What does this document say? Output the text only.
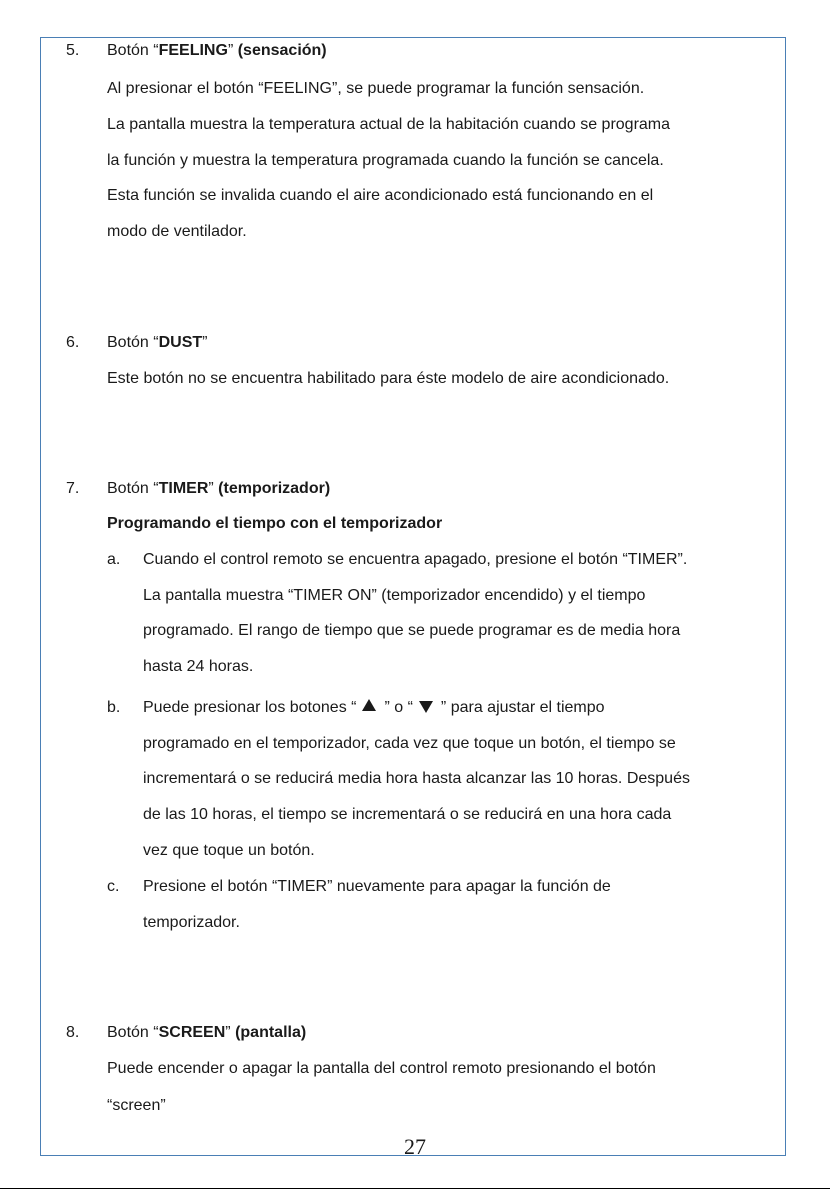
5. Botón “FEELING” (sensación)
Al presionar el botón “FEELING”, se puede programar la función sensación.
La pantalla muestra la temperatura actual de la habitación cuando se programa
la función y muestra la temperatura programada cuando la función se cancela.
Esta función se invalida cuando el aire acondicionado está funcionando en el
modo de ventilador.
6. Botón “DUST”
Este botón no se encuentra habilitado para éste modelo de aire acondicionado.
7. Botón “TIMER” (temporizador)
Programando el tiempo con el temporizador
a. Cuando el control remoto se encuentra apagado, presione el botón “TIMER”.
La pantalla muestra “TIMER ON” (temporizador encendido) y el tiempo
programado. El rango de tiempo que se puede programar es de media hora
hasta 24 horas.
b. Puede presionar los botones “ ” o “ ” para ajustar el tiempo
programado en el temporizador, cada vez que toque un botón, el tiempo se
incrementará o se reducirá media hora hasta alcanzar las 10 horas. Después
de las 10 horas, el tiempo se incrementará o se reducirá en una hora cada
vez que toque un botón.
c. Presione el botón “TIMER” nuevamente para apagar la función de
temporizador.
8. Botón “SCREEN” (pantalla)
Puede encender o apagar la pantalla del control remoto presionando el botón
“screen”
27
